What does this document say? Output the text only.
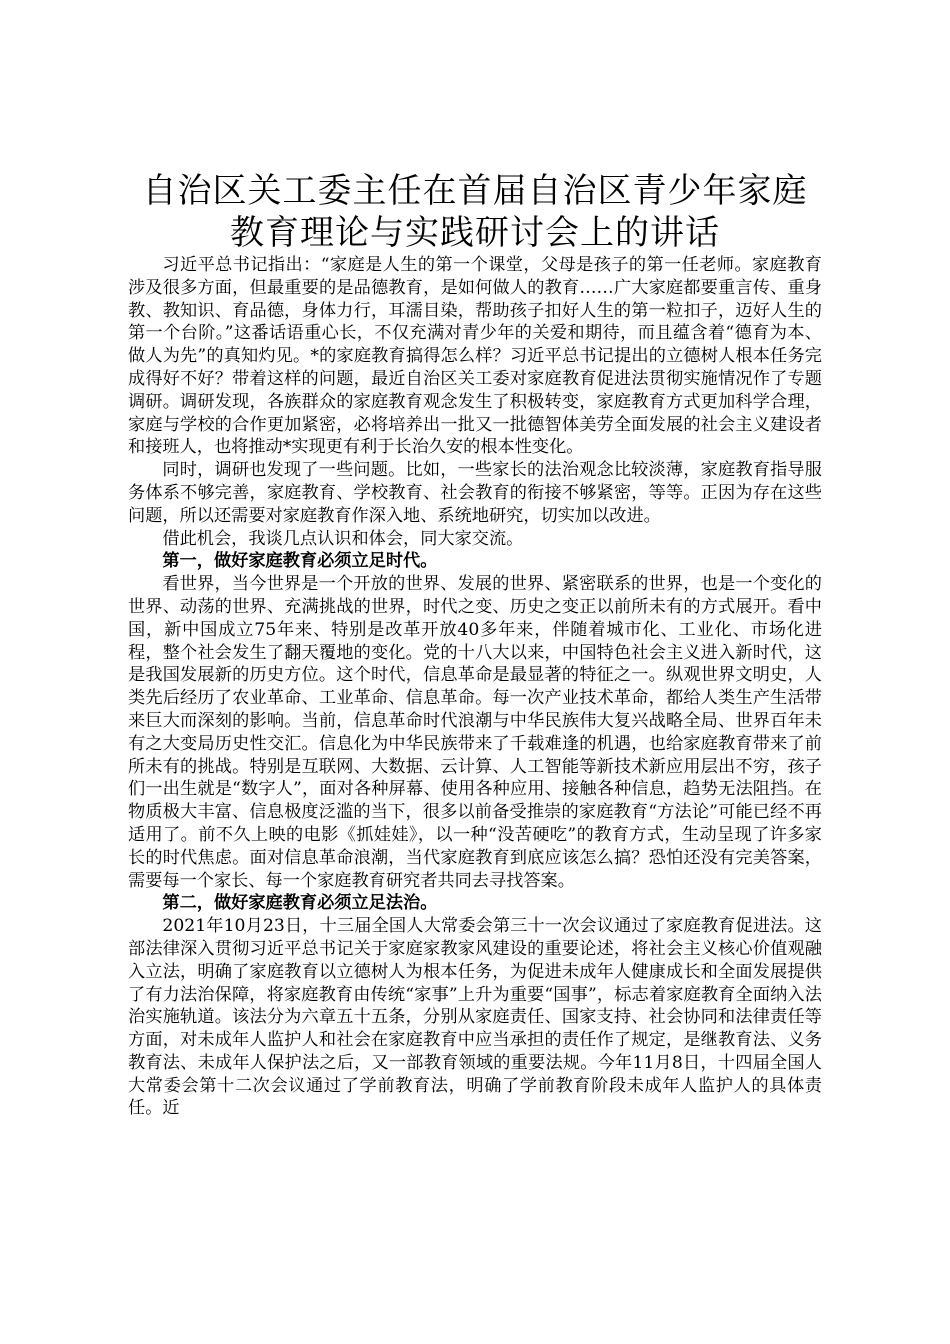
自治区关工委主任在首届自治区青少年家庭教育理论与实践研讨会上的讲话

习近平总书记指出：“家庭是人生的第一个课堂，父母是孩子的第一任老师。家庭教育涉及很多方面，但最重要的是品德教育，是如何做人的教育……广大家庭都要重言传、重身教、教知识、育品德，身体力行，耳濡目染，帮助孩子扣好人生的第一粒扣子，迈好人生的第一个台阶。”这番话语重心长，不仅充满对青少年的关爱和期待，而且蕴含着“德育为本、做人为先”的真知灼见。*的家庭教育搞得怎么样？习近平总书记提出的立德树人根本任务完成得好不好？带着这样的问题，最近自治区关工委对家庭教育促进法贯彻实施情况作了专题调研。调研发现，各族群众的家庭教育观念发生了积极转变，家庭教育方式更加科学合理，家庭与学校的合作更加紧密，必将培养出一批又一批德智体美劳全面发展的社会主义建设者和接班人，也将推动*实现更有利于长治久安的根本性变化。

同时，调研也发现了一些问题。比如，一些家长的法治观念比较淡薄，家庭教育指导服务体系不够完善，家庭教育、学校教育、社会教育的衔接不够紧密，等等。正因为存在这些问题，所以还需要对家庭教育作深入地、系统地研究，切实加以改进。

借此机会，我谈几点认识和体会，同大家交流。

第一，做好家庭教育必须立足时代。

看世界，当今世界是一个开放的世界、发展的世界、紧密联系的世界，也是一个变化的世界、动荡的世界、充满挑战的世界，时代之变、历史之变正以前所未有的方式展开。看中国，新中国成立75年来、特别是改革开放40多年来，伴随着城市化、工业化、市场化进程，整个社会发生了翻天覆地的变化。党的十八大以来，中国特色社会主义进入新时代，这是我国发展新的历史方位。这个时代，信息革命是最显著的特征之一。纵观世界文明史，人类先后经历了农业革命、工业革命、信息革命。每一次产业技术革命，都给人类生产生活带来巨大而深刻的影响。当前，信息革命时代浪潮与中华民族伟大复兴战略全局、世界百年未有之大变局历史性交汇。信息化为中华民族带来了千载难逢的机遇，也给家庭教育带来了前所未有的挑战。特别是互联网、大数据、云计算、人工智能等新技术新应用层出不穷，孩子们一出生就是“数字人”，面对各种屏幕、使用各种应用、接触各种信息，趋势无法阻挡。在物质极大丰富、信息极度泛滥的当下，很多以前备受推崇的家庭教育“方法论”可能已经不再适用了。前不久上映的电影《抓娃娃》，以一种“没苦硬吃”的教育方式，生动呈现了许多家长的时代焦虑。面对信息革命浪潮，当代家庭教育到底应该怎么搞？恐怕还没有完美答案，需要每一个家长、每一个家庭教育研究者共同去寻找答案。

第二，做好家庭教育必须立足法治。

2021年10月23日，十三届全国人大常委会第三十一次会议通过了家庭教育促进法。这部法律深入贯彻习近平总书记关于家庭家教家风建设的重要论述，将社会主义核心价值观融入立法，明确了家庭教育以立德树人为根本任务，为促进未成年人健康成长和全面发展提供了有力法治保障，将家庭教育由传统“家事”上升为重要“国事”，标志着家庭教育全面纳入法治实施轨道。该法分为六章五十五条，分别从家庭责任、国家支持、社会协同和法律责任等方面，对未成年人监护人和社会在家庭教育中应当承担的责任作了规定，是继教育法、义务教育法、未成年人保护法之后，又一部教育领域的重要法规。今年11月8日，十四届全国人大常委会第十二次会议通过了学前教育法，明确了学前教育阶段未成年人监护人的具体责任。近
